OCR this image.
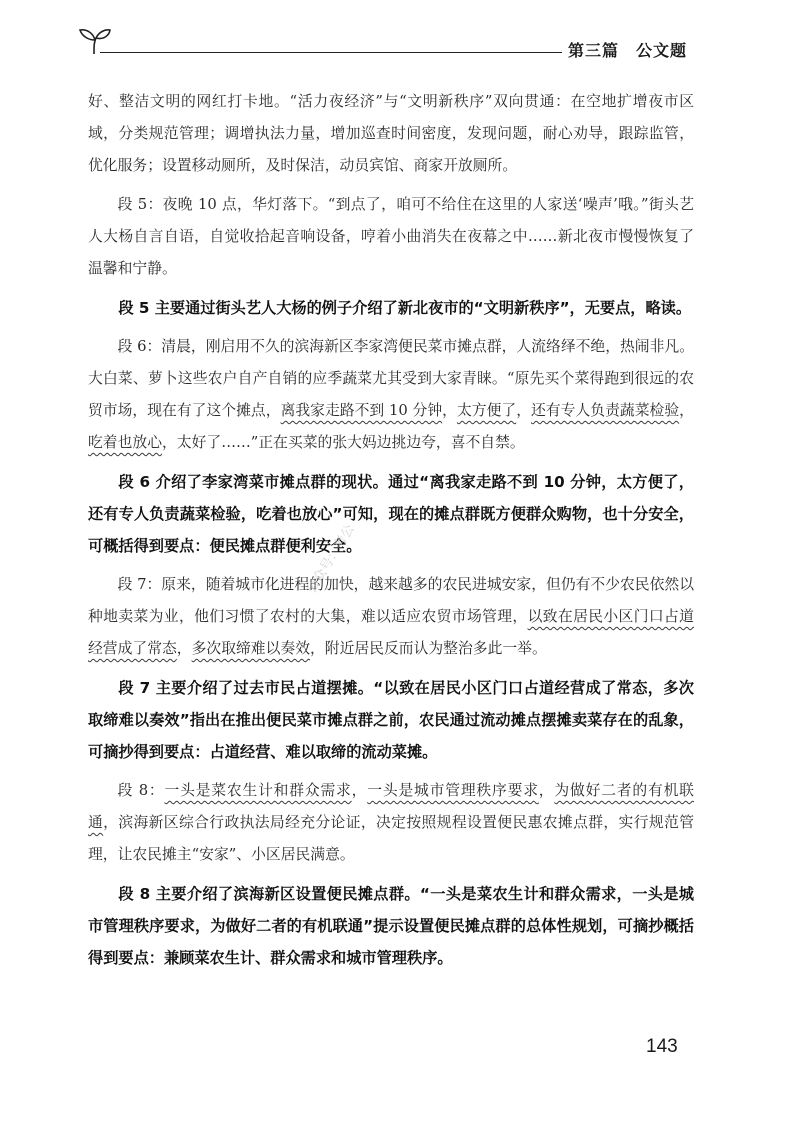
第三篇　公文题

好、整洁文明的网红打卡地。“活力夜经济”与“文明新秩序”双向贯通：在空地扩增夜市区域，分类规范管理；调增执法力量，增加巡查时间密度，发现问题，耐心劝导，跟踪监管，优化服务；设置移动厕所，及时保洁，动员宾馆、商家开放厕所。

段 5：夜晚 10 点，华灯落下。“到点了，咱可不给住在这里的人家送‘噪声’哦。”街头艺人大杨自言自语，自觉收拾起音响设备，哼着小曲消失在夜幕之中……新北夜市慢慢恢复了温馨和宁静。

段 5 主要通过街头艺人大杨的例子介绍了新北夜市的“文明新秩序”，无要点，略读。

段 6：清晨，刚启用不久的滨海新区李家湾便民菜市摊点群，人流络绎不绝，热闹非凡。大白菜、萝卜这些农户自产自销的应季蔬菜尤其受到大家青睐。“原先买个菜得跑到很远的农贸市场，现在有了这个摊点，离我家走路不到 10 分钟，太方便了，还有专人负责蔬菜检验，吃着也放心，太好了……”正在买菜的张大妈边挑边夸，喜不自禁。

段 6 介绍了李家湾菜市摊点群的现状。通过“离我家走路不到 10 分钟，太方便了，还有专人负责蔬菜检验，吃着也放心”可知，现在的摊点群既方便群众购物，也十分安全，可概括得到要点：便民摊点群便利安全。

段 7：原来，随着城市化进程的加快，越来越多的农民进城安家，但仍有不少农民依然以种地卖菜为业，他们习惯了农村的大集，难以适应农贸市场管理，以致在居民小区门口占道经营成了常态，多次取缔难以奏效，附近居民反而认为整治多此一举。

段 7 主要介绍了过去市民占道摆摊。“以致在居民小区门口占道经营成了常态，多次取缔难以奏效”指出在推出便民菜市摊点群之前，农民通过流动摊点摆摊卖菜存在的乱象，可摘抄得到要点：占道经营、难以取缔的流动菜摊。

段 8：一头是菜农生计和群众需求，一头是城市管理秩序要求，为做好二者的有机联通，滨海新区综合行政执法局经充分论证，决定按照规程设置便民惠农摊点群，实行规范管理，让农民摊主“安家”、小区居民满意。

段 8 主要介绍了滨海新区设置便民摊点群。“一头是菜农生计和群众需求，一头是城市管理秩序要求，为做好二者的有机联通”提示设置便民摊点群的总体性规划，可摘抄概括得到要点：兼顾菜农生计、群众需求和城市管理秩序。

公众号：考公
143
